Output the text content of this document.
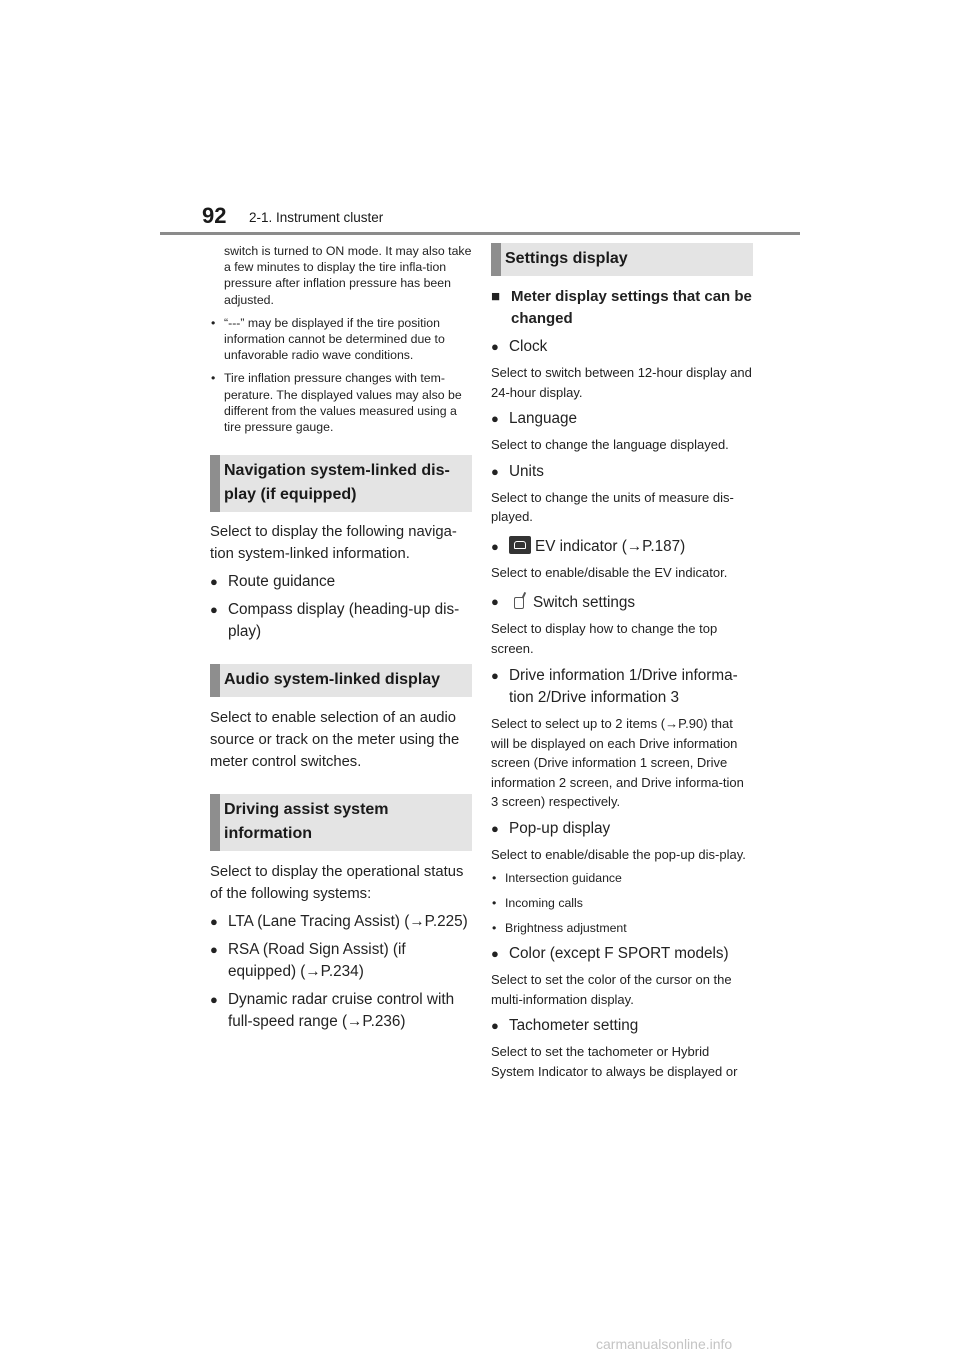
92 2-1. Instrument cluster

switch is turned to ON mode. It may also take a few minutes to display the tire infla-tion pressure after inflation pressure has been adjusted.

• “---” may be displayed if the tire position information cannot be determined due to unfavorable radio wave conditions.

• Tire inflation pressure changes with tem-perature. The displayed values may also be different from the values measured using a tire pressure gauge.

Navigation system-linked dis-play (if equipped)

Select to display the following naviga-tion system-linked information.

● Route guidance

● Compass display (heading-up dis-play)

Audio system-linked display

Select to enable selection of an audio source or track on the meter using the meter control switches.

Driving assist system information

Select to display the operational status of the following systems:

● LTA (Lane Tracing Assist) (→P.225)

● RSA (Road Sign Assist) (if equipped) (→P.234)

● Dynamic radar cruise control with full-speed range (→P.236)

Settings display

■ Meter display settings that can be changed

● Clock

Select to switch between 12-hour display and 24-hour display.

● Language

Select to change the language displayed.

● Units

Select to change the units of measure dis-played.

● EV indicator (→P.187)

Select to enable/disable the EV indicator.

● Switch settings

Select to display how to change the top screen.

● Drive information 1/Drive informa-tion 2/Drive information 3

Select to select up to 2 items (→P.90) that will be displayed on each Drive information screen (Drive information 1 screen, Drive information 2 screen, and Drive informa-tion 3 screen) respectively.

● Pop-up display

Select to enable/disable the pop-up dis-play.

• Intersection guidance

• Incoming calls

• Brightness adjustment

● Color (except F SPORT models)

Select to set the color of the cursor on the multi-information display.

● Tachometer setting

Select to set the tachometer or Hybrid System Indicator to always be displayed or

carmanualsonline.info
